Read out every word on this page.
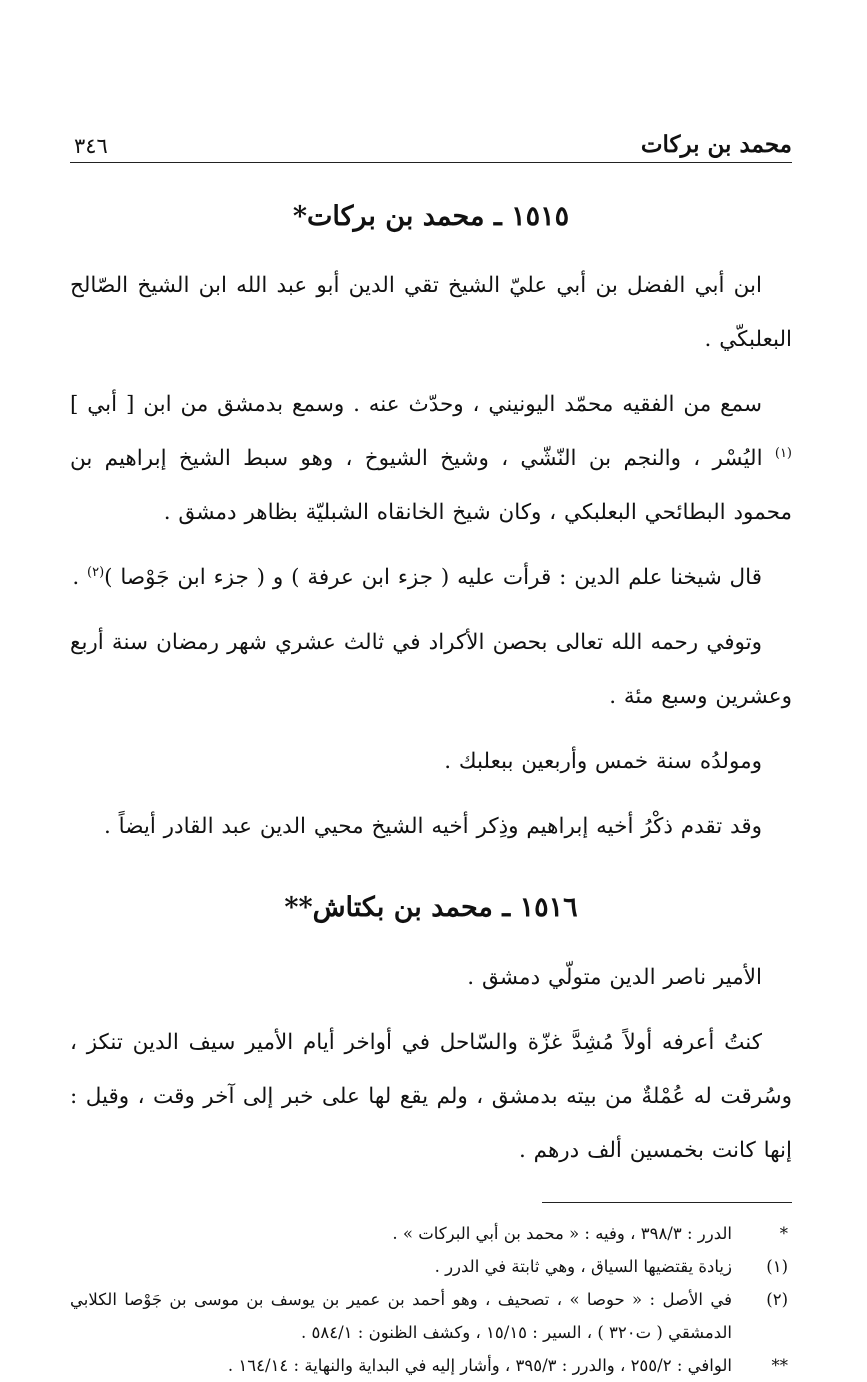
محمد بن بركات
٣٤٦
١٥١٥ ـ محمد بن بركات*

ابن أبي الفضل بن أبي عليّ الشيخ تقي الدين أبو عبد الله ابن الشيخ الصّالح البعلبكّي .

سمع من الفقيه محمّد اليونيني ، وحدّث عنه . وسمع بدمشق من ابن [ أبي ]$^{(١)}$ اليُسْر ، والنجم بن النّشّي ، وشيخ الشيوخ ، وهو سبط الشيخ إبراهيم بن محمود البطائحي البعلبكي ، وكان شيخ الخانقاه الشبليّة بظاهر دمشق .

قال شيخنا علم الدين : قرأت عليه ( جزء ابن عرفة ) و ( جزء ابن جَوْصا )$^{(٢)}$ .

وتوفي رحمه الله تعالى بحصن الأكراد في ثالث عشري شهر رمضان سنة أربع وعشرين وسبع مئة .

ومولدُه سنة خمس وأربعين ببعلبك .

وقد تقدم ذكْرُ أخيه إبراهيم وذِكر أخيه الشيخ محيي الدين عبد القادر أيضاً .

١٥١٦ ـ محمد بن بكتاش**

الأمير ناصر الدين متولّي دمشق .

كنتُ أعرفه أولاً مُشِدَّ غزّة والسّاحل في أواخر أيام الأمير سيف الدين تنكز ، وسُرقت له عُمْلةٌ من بيته بدمشق ، ولم يقع لها على خبر إلى آخر وقت ، وقيل : إنها كانت بخمسين ألف درهم .

*
الدرر : ٣٩٨/٣ ، وفيه : « محمد بن أبي البركات » .
(١)
زيادة يقتضيها السياق ، وهي ثابتة في الدرر .
(٢)
في الأصل : « حوصا » ، تصحيف ، وهو أحمد بن عمير بن يوسف بن موسى بن جَوْصا الكلابي الدمشقي ( ت٣٢٠ ) ، السير : ١٥/١٥ ، وكشف الظنون : ٥٨٤/١ .
**
الوافي : ٢٥٥/٢ ، والدرر : ٣٩٥/٣ ، وأشار إليه في البداية والنهاية : ١٦٤/١٤ .
